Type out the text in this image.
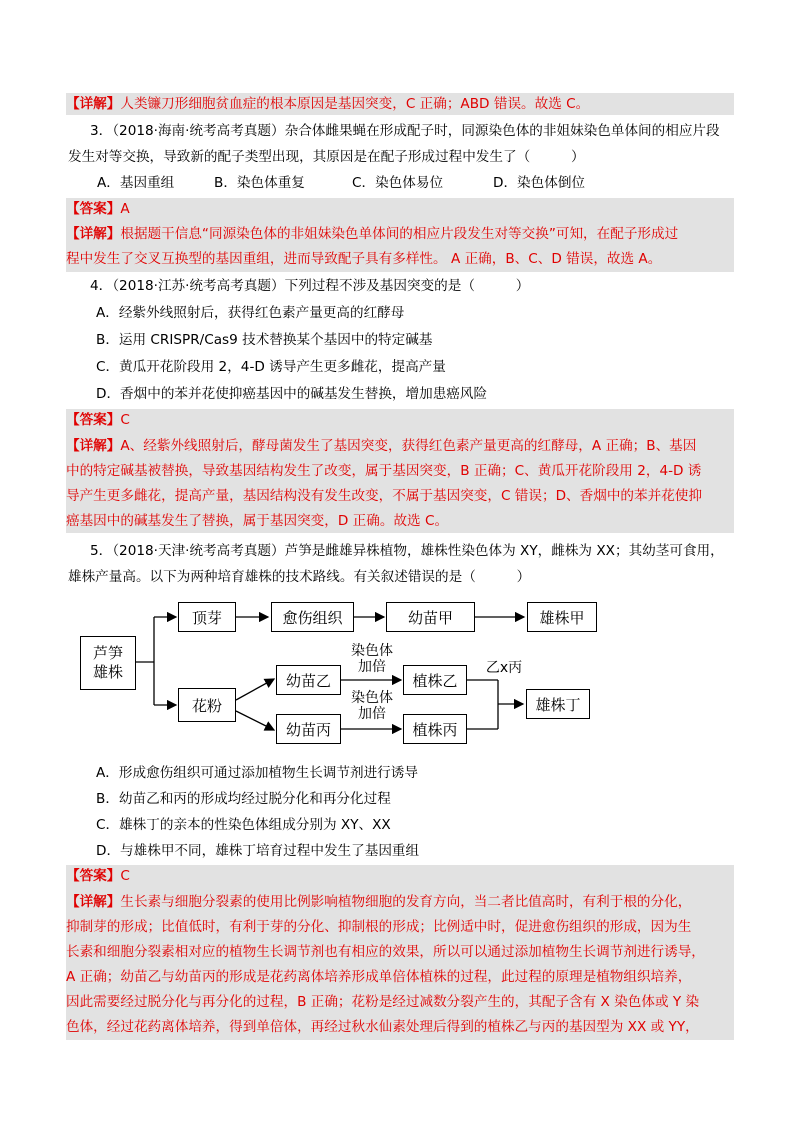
【详解】人类镰刀形细胞贫血症的根本原因是基因突变，C 正确；ABD 错误。故选 C。
3．（2018·海南·统考高考真题）杂合体雌果蝇在形成配子时，同源染色体的非姐妹染色单体间的相应片段
发生对等交换，导致新的配子类型出现，其原因是在配子形成过程中发生了（　　　）
A．基因重组	B．染色体重复	C．染色体易位	D．染色体倒位
【答案】A
【详解】根据题干信息“同源染色体的非姐妹染色单体间的相应片段发生对等交换”可知，在配子形成过
程中发生了交叉互换型的基因重组，进而导致配子具有多样性。 A 正确，B、C、D 错误，故选 A。
4．（2018·江苏·统考高考真题）下列过程不涉及基因突变的是（　　　）
A．经紫外线照射后，获得红色素产量更高的红酵母
B．运用 CRISPR/Cas9 技术替换某个基因中的特定碱基
C．黄瓜开花阶段用 2，4-D 诱导产生更多雌花，提高产量
D．香烟中的苯并花使抑癌基因中的碱基发生替换，增加患癌风险
【答案】C
【详解】A、经紫外线照射后，酵母菌发生了基因突变，获得红色素产量更高的红酵母，A 正确；B、基因
中的特定碱基被替换，导致基因结构发生了改变，属于基因突变，B 正确；C、黄瓜开花阶段用 2，4-D 诱
导产生更多雌花，提高产量，基因结构没有发生改变，不属于基因突变，C 错误；D、香烟中的苯并花使抑
癌基因中的碱基发生了替换，属于基因突变，D 正确。故选 C。
5．（2018·天津·统考高考真题）芦笋是雌雄异株植物，雄株性染色体为 XY，雌株为 XX；其幼茎可食用，
雄株产量高。以下为两种培育雄株的技术路线。有关叙述错误的是（　　　）
芦笋
雄株
顶芽	愈伤组织	幼苗甲	雄株甲
花粉
幼苗乙
幼苗丙
染色体
加倍
染色体
加倍
植株乙
植株丙
乙x丙
雄株丁
A．形成愈伤组织可通过添加植物生长调节剂进行诱导
B．幼苗乙和丙的形成均经过脱分化和再分化过程
C．雄株丁的亲本的性染色体组成分别为 XY、XX
D．与雄株甲不同，雄株丁培育过程中发生了基因重组
【答案】C
【详解】生长素与细胞分裂素的使用比例影响植物细胞的发育方向，当二者比值高时，有利于根的分化，
抑制芽的形成；比值低时，有利于芽的分化、抑制根的形成；比例适中时，促进愈伤组织的形成，因为生
长素和细胞分裂素相对应的植物生长调节剂也有相应的效果，所以可以通过添加植物生长调节剂进行诱导，
A 正确；幼苗乙与幼苗丙的形成是花药离体培养形成单倍体植株的过程，此过程的原理是植物组织培养，
因此需要经过脱分化与再分化的过程，B 正确；花粉是经过减数分裂产生的，其配子含有 X 染色体或 Y 染
色体，经过花药离体培养，得到单倍体，再经过秋水仙素处理后得到的植株乙与丙的基因型为 XX 或 YY，
